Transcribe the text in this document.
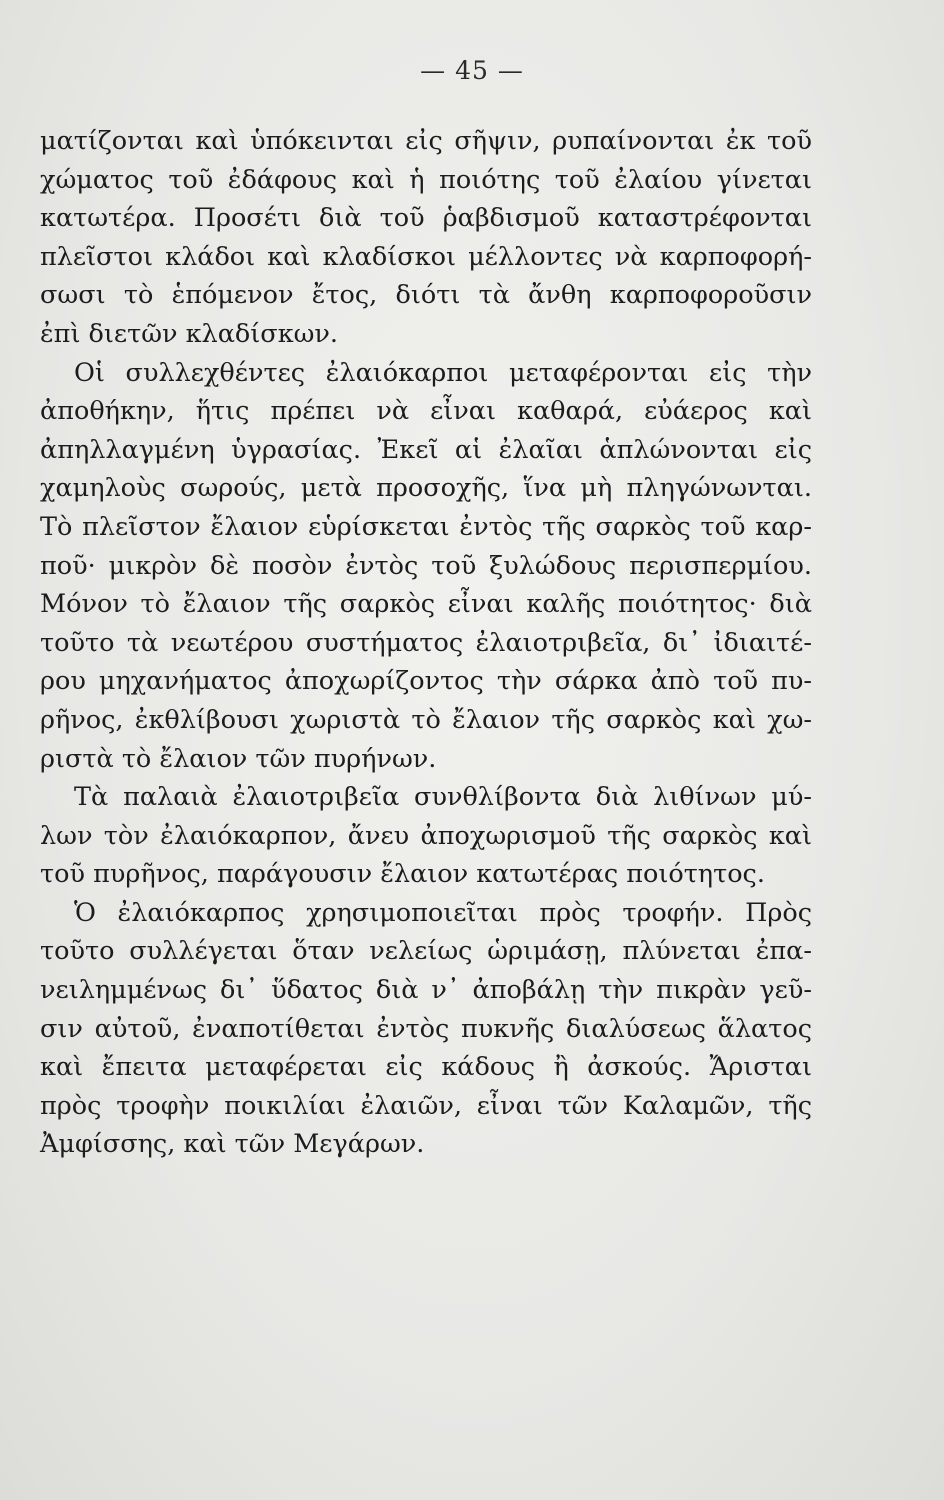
— 45 —

ματίζονται καὶ ὑπόκεινται εἰς σῆψιν, ρυπαίνονται ἐκ τοῦ
χώματος τοῦ ἐδάφους καὶ ἡ ποιότης τοῦ ἐλαίου γίνεται
κατωτέρα. Προσέτι διὰ τοῦ ῥαβδισμοῦ καταστρέφονται
πλεῖστοι κλάδοι καὶ κλαδίσκοι μέλλοντες νὰ καρποφορή-
σωσι τὸ ἑπόμενον ἔτος, διότι τὰ ἄνθη καρποφοροῦσιν
ἐπὶ διετῶν κλαδίσκων.

Οἱ συλλεχθέντες ἐλαιόκαρποι μεταφέρονται εἰς τὴν
ἀποθήκην, ἥτις πρέπει νὰ εἶναι καθαρά, εὐάερος καὶ
ἀπηλλαγμένη ὑγρασίας. Ἐκεῖ αἱ ἐλαῖαι ἁπλώνονται εἰς
χαμηλοὺς σωρούς, μετὰ προσοχῆς, ἵνα μὴ πληγώνωνται.
Τὸ πλεῖστον ἔλαιον εὑρίσκεται ἐντὸς τῆς σαρκὸς τοῦ καρ-
ποῦ· μικρὸν δὲ ποσὸν ἐντὸς τοῦ ξυλώδους περισπερμίου.
Μόνον τὸ ἔλαιον τῆς σαρκὸς εἶναι καλῆς ποιότητος· διὰ
τοῦτο τὰ νεωτέρου συστήματος ἐλαιοτριβεῖα, δι᾽ ἰδιαιτέ-
ρου μηχανήματος ἀποχωρίζοντος τὴν σάρκα ἀπὸ τοῦ πυ-
ρῆνος, ἐκθλίβουσι χωριστὰ τὸ ἔλαιον τῆς σαρκὸς καὶ χω-
ριστὰ τὸ ἔλαιον τῶν πυρήνων.

Τὰ παλαιὰ ἐλαιοτριβεῖα συνθλίβοντα διὰ λιθίνων μύ-
λων τὸν ἐλαιόκαρπον, ἄνευ ἀποχωρισμοῦ τῆς σαρκὸς καὶ
τοῦ πυρῆνος, παράγουσιν ἔλαιον κατωτέρας ποιότητος.

Ὁ ἐλαιόκαρπος χρησιμοποιεῖται πρὸς τροφήν. Πρὸς
τοῦτο συλλέγεται ὅταν νελείως ὡριμάσῃ, πλύνεται ἐπα-
νειλημμένως δι᾽ ὕδατος διὰ ν᾽ ἀποβάλῃ τὴν πικρὰν γεῦ-
σιν αὐτοῦ, ἐναποτίθεται ἐντὸς πυκνῆς διαλύσεως ἅλατος
καὶ ἔπειτα μεταφέρεται εἰς κάδους ἢ ἀσκούς. Ἄρισται
πρὸς τροφὴν ποικιλίαι ἐλαιῶν, εἶναι τῶν Καλαμῶν, τῆς
Ἀμφίσσης, καὶ τῶν Μεγάρων.
